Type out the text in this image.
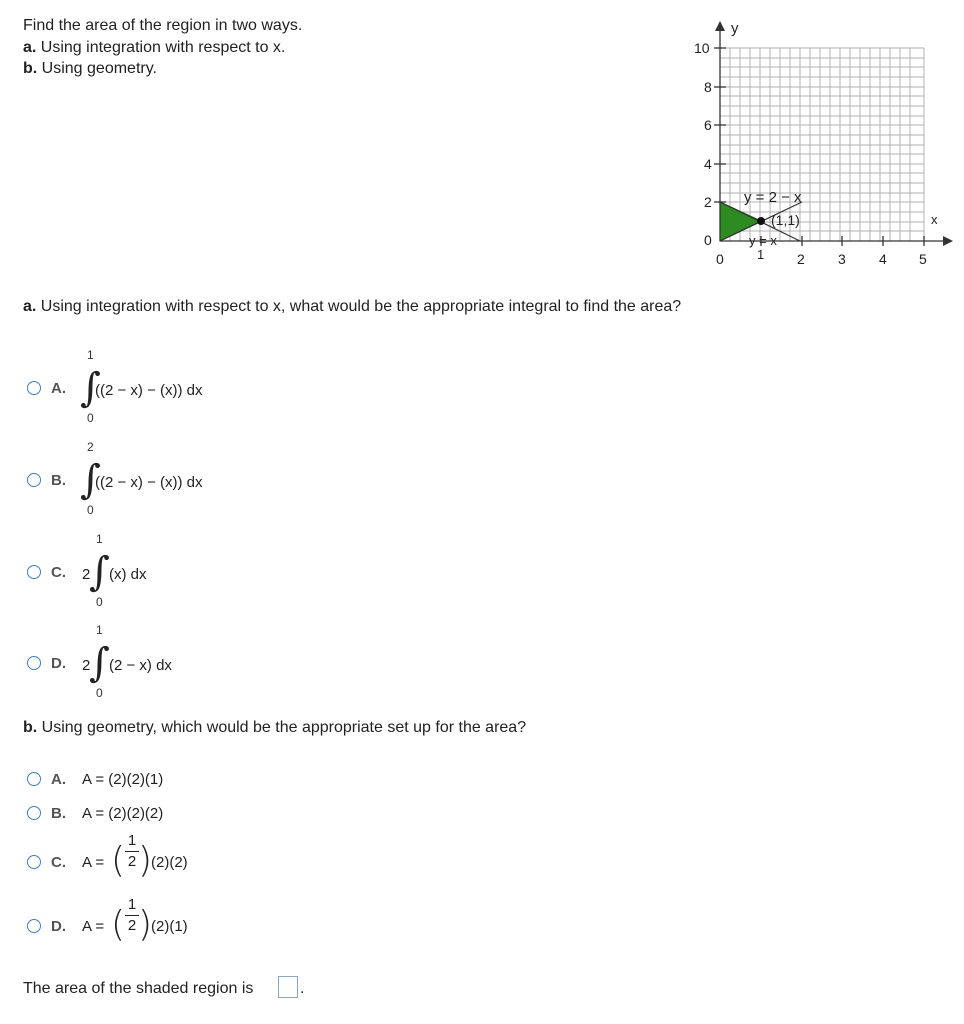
Find the area of the region in two ways.
a. Using integration with respect to x.
b. Using geometry.
y
x
10
8
6
4
2
0
0	1 2 3 4 5
y = 2 − x
(1,1)
y = x
a. Using integration with respect to x, what would be the appropriate integral to find the area?
A.
1
∫
0
((2 − x) − (x)) dx
B.
2
∫
0
((2 − x) − (x)) dx
C. 2
1
∫
0
(x) dx
D. 2
1
∫
0
(2 − x) dx
b. Using geometry, which would be the appropriate set up for the area?
A. A = (2)(2)(1)
B. A = (2)(2)(2)
C. A = ( 1
2 )
(2)(2)
D. A = ( 1
2 )
(2)(1)
The area of the shaded region is	.
